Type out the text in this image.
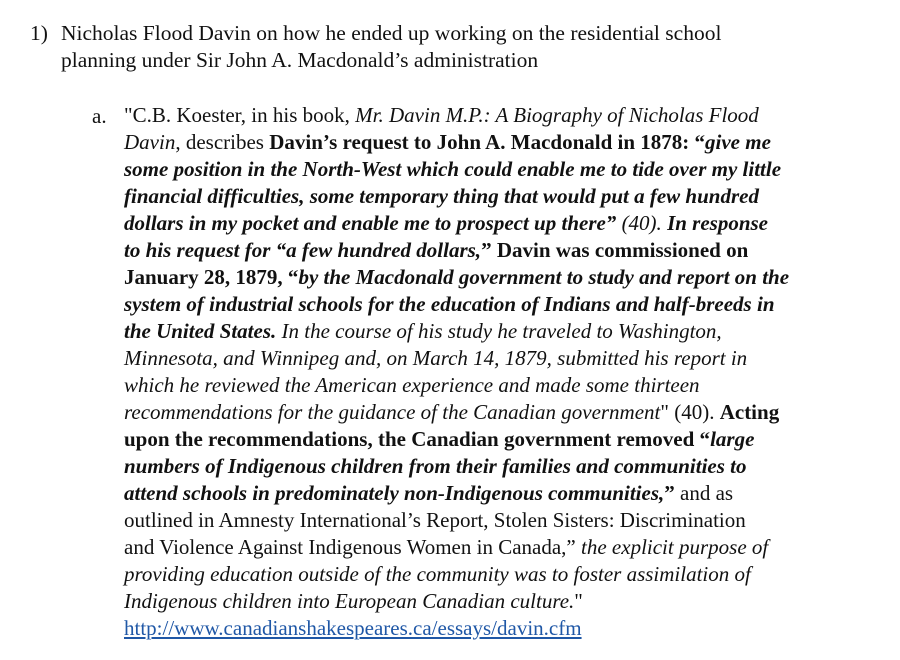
1) Nicholas Flood Davin on how he ended up working on the residential school
planning under Sir John A. Macdonald’s administration
a. "C.B. Koester, in his book, Mr. Davin M.P.: A Biography of Nicholas Flood
Davin, describes Davin’s request to John A. Macdonald in 1878: “give me
some position in the North-West which could enable me to tide over my little
financial difficulties, some temporary thing that would put a few hundred
dollars in my pocket and enable me to prospect up there” (40). In response
to his request for “a few hundred dollars,” Davin was commissioned on
January 28, 1879, “by the Macdonald government to study and report on the
system of industrial schools for the education of Indians and half-breeds in
the United States. In the course of his study he traveled to Washington,
Minnesota, and Winnipeg and, on March 14, 1879, submitted his report in
which he reviewed the American experience and made some thirteen
recommendations for the guidance of the Canadian government" (40). Acting
upon the recommendations, the Canadian government removed “large
numbers of Indigenous children from their families and communities to
attend schools in predominately non-Indigenous communities,” and as
outlined in Amnesty International’s Report, Stolen Sisters: Discrimination
and Violence Against Indigenous Women in Canada,” the explicit purpose of
providing education outside of the community was to foster assimilation of
Indigenous children into European Canadian culture."
http://www.canadianshakespeares.ca/essays/davin.cfm
